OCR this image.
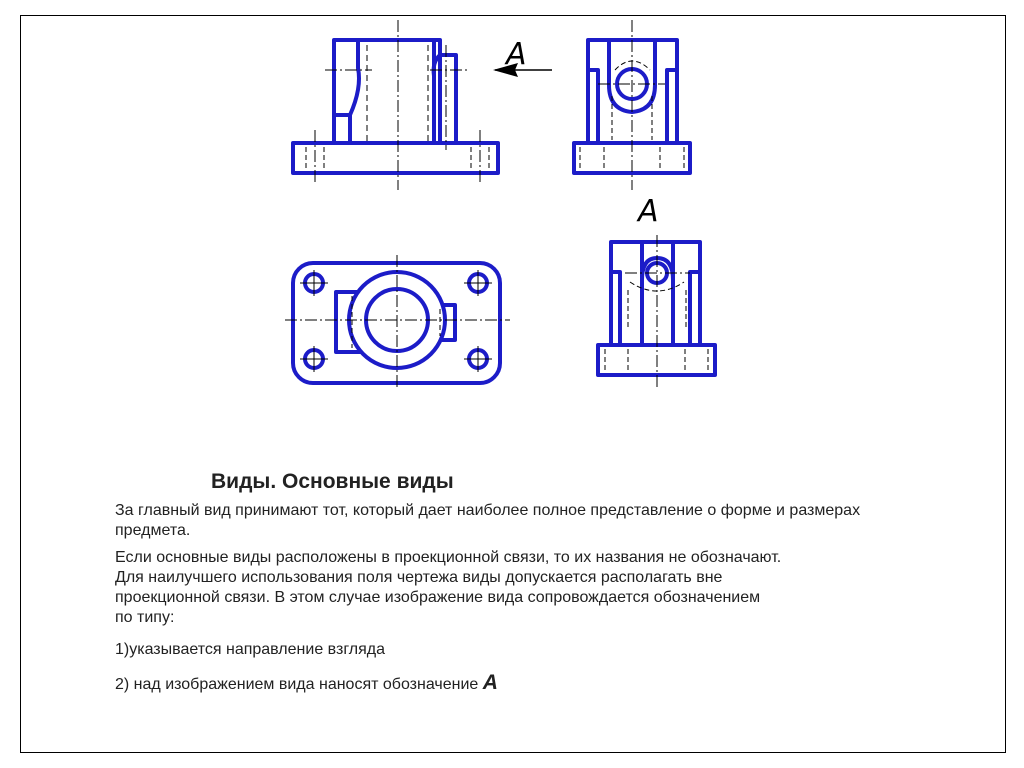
A
A
Виды. Основные виды
За главный вид принимают тот, который дает наиболее полное представление о форме и размерах предмета.
Если основные виды расположены в проекционной связи, то их названия не обозначают.
Для наилучшего использования поля чертежа виды допускается располагать вне
проекционной связи. В этом случае изображение вида сопровождается обозначением
по типу:
1)указывается направление взгляда
2) над изображением вида наносят обозначение A
